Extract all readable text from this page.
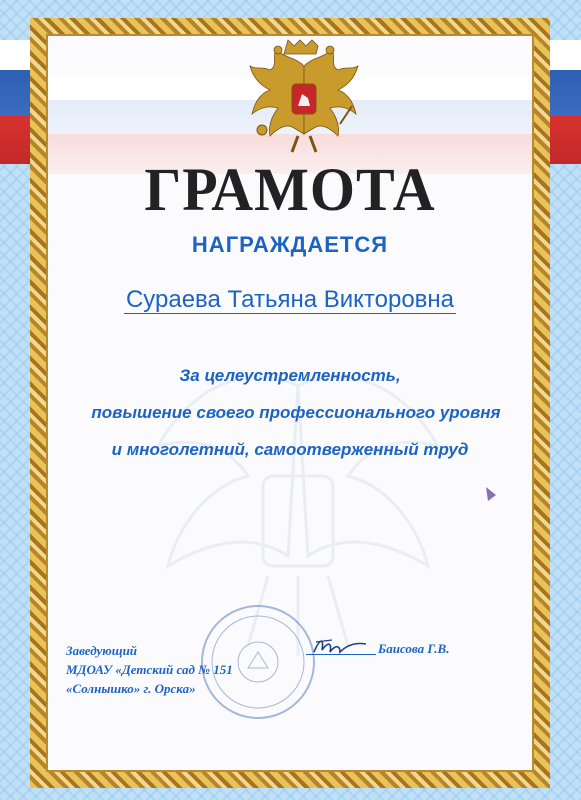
ГРАМОТА
НАГРАЖДАЕТСЯ
Сураева Татьяна Викторовна
За целеустремленность,
повышение своего профессионального уровня
и многолетний, самоотверженный труд
Заведующий
МДОАУ «Детский сад № 151
«Солнышко» г. Орска»
Баисова Г.В.
